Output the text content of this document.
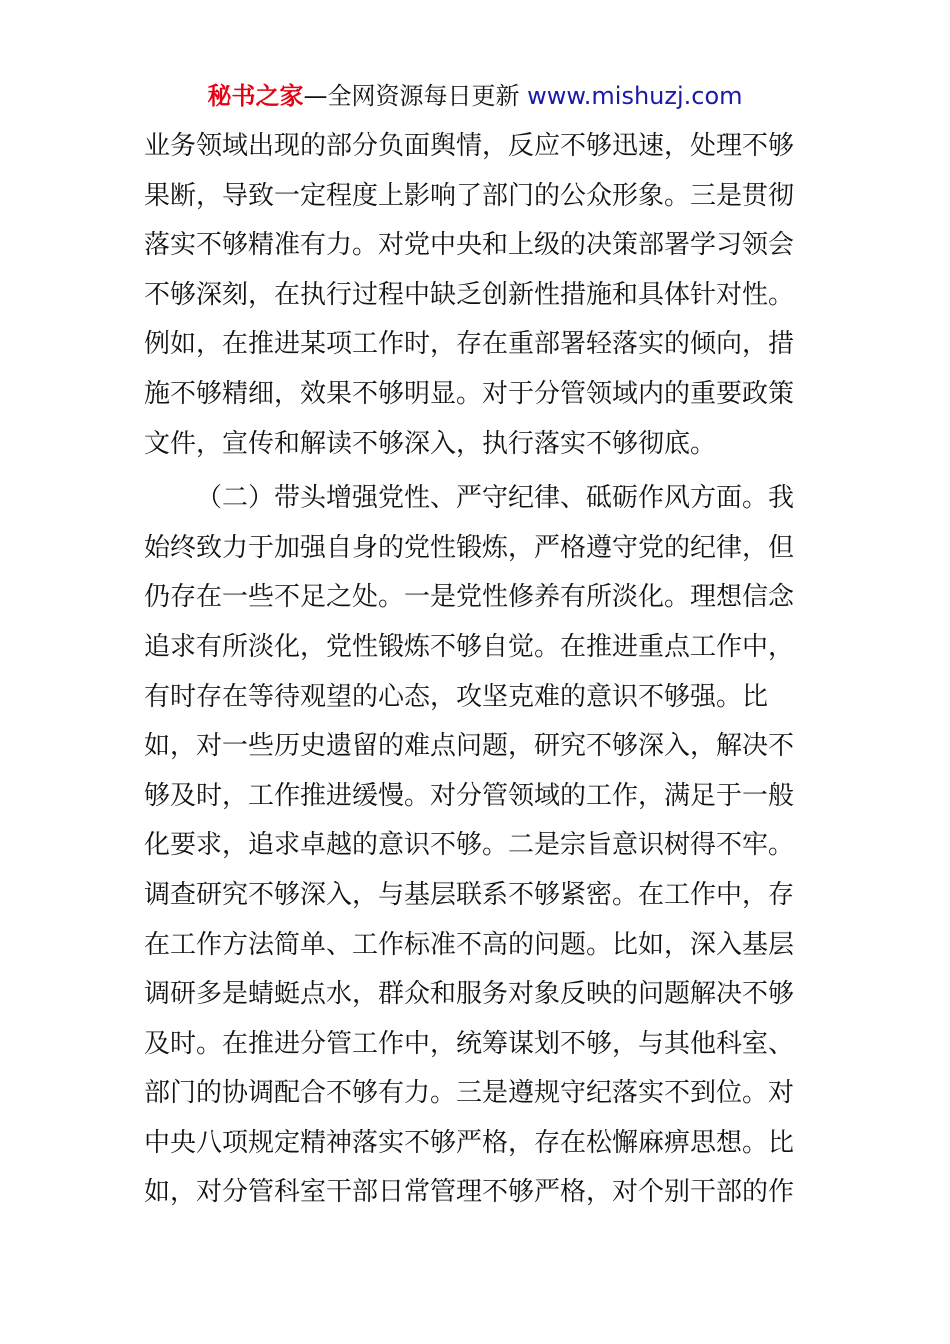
秘书之家—全网资源每日更新 www.mishuzj.com
业务领域出现的部分负面舆情，反应不够迅速，处理不够
果断，导致一定程度上影响了部门的公众形象。三是贯彻
落实不够精准有力。对党中央和上级的决策部署学习领会
不够深刻，在执行过程中缺乏创新性措施和具体针对性。
例如，在推进某项工作时，存在重部署轻落实的倾向，措
施不够精细，效果不够明显。对于分管领域内的重要政策
文件，宣传和解读不够深入，执行落实不够彻底。
（二）带头增强党性、严守纪律、砥砺作风方面。我
始终致力于加强自身的党性锻炼，严格遵守党的纪律，但
仍存在一些不足之处。一是党性修养有所淡化。理想信念
追求有所淡化，党性锻炼不够自觉。在推进重点工作中，
有时存在等待观望的心态，攻坚克难的意识不够强。比
如，对一些历史遗留的难点问题，研究不够深入，解决不
够及时，工作推进缓慢。对分管领域的工作，满足于一般
化要求，追求卓越的意识不够。二是宗旨意识树得不牢。
调查研究不够深入，与基层联系不够紧密。在工作中，存
在工作方法简单、工作标准不高的问题。比如，深入基层
调研多是蜻蜓点水，群众和服务对象反映的问题解决不够
及时。在推进分管工作中，统筹谋划不够，与其他科室、
部门的协调配合不够有力。三是遵规守纪落实不到位。对
中央八项规定精神落实不够严格，存在松懈麻痹思想。比
如，对分管科室干部日常管理不够严格，对个别干部的作
